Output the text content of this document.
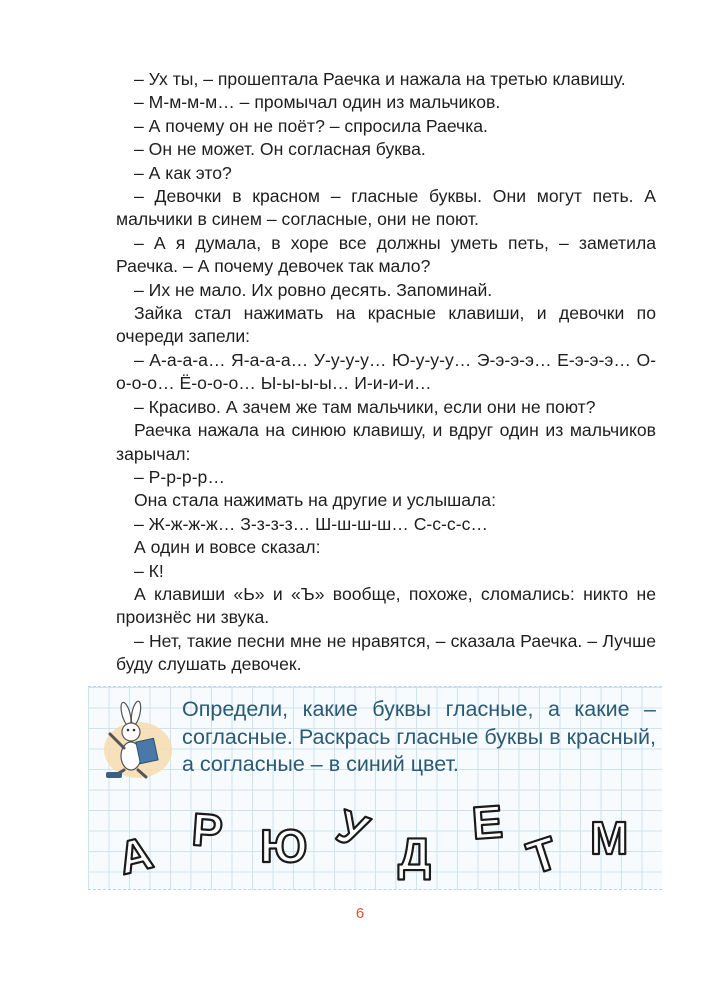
– Ух ты, – прошептала Раечка и нажала на третью клавишу.

– М-м-м-м… – промычал один из мальчиков.

– А почему он не поёт? – спросила Раечка.

– Он не может. Он согласная буква.

– А как это?

– Девочки в красном – гласные буквы. Они могут петь. А мальчики в синем – согласные, они не поют.

– А я думала, в хоре все должны уметь петь, – заметила Раечка. – А почему девочек так мало?

– Их не мало. Их ровно десять. Запоминай.

Зайка стал нажимать на красные клавиши, и девочки по очереди запели:

– А-а-а-а… Я-а-а-а… У-у-у-у… Ю-у-у-у… Э-э-э-э… Е-э-э-э… О-о-о-о… Ё-о-о-о… Ы-ы-ы-ы… И-и-и-и…

– Красиво. А зачем же там мальчики, если они не поют?

Раечка нажала на синюю клавишу, и вдруг один из мальчиков зарычал:

– Р-р-р-р…

Она стала нажимать на другие и услышала:

– Ж-ж-ж-ж… З-з-з-з… Ш-ш-ш-ш… С-с-с-с…

А один и вовсе сказал:

– К!

А клавиши «Ь» и «Ъ» вообще, похоже, сломались: никто не произнёс ни звука.

– Нет, такие песни мне не нравятся, – сказала Раечка. – Лучше буду слушать девочек.

Определи, какие буквы гласные, а какие – согласные. Раскрась гласные буквы в красный, а согласные – в синий цвет.
А Р Ю У Д
Е
Т М
6
